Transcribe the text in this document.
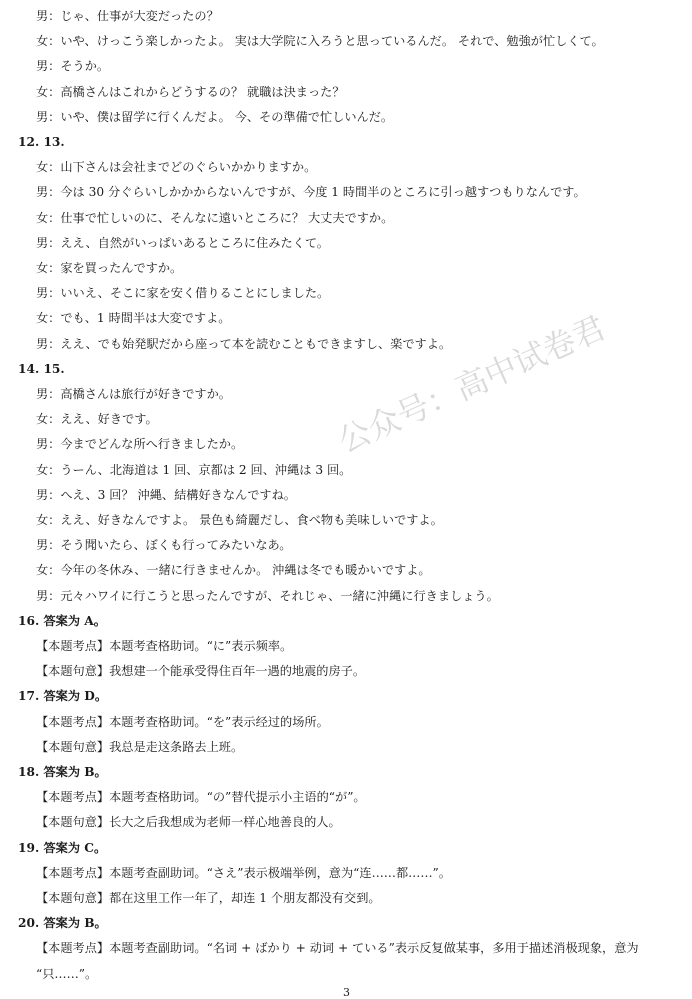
男：じゃ、仕事が大変だったの？
女：いや、けっこう楽しかったよ。 実は大学院に入ろうと思っているんだ。 それで、勉強が忙しくて。
男：そうか。
女：高橋さんはこれからどうするの？ 就職は決まった？
男：いや、僕は留学に行くんだよ。 今、その準備で忙しいんだ。
12. 13.
女：山下さんは会社までどのぐらいかかりますか。
男：今は 30 分ぐらいしかかからないんですが、今度 1 時間半のところに引っ越すつもりなんです。
女：仕事で忙しいのに、そんなに遠いところに？ 大丈夫ですか。
男：ええ、自然がいっぱいあるところに住みたくて。
女：家を買ったんですか。
男：いいえ、そこに家を安く借りることにしました。
女：でも、1 時間半は大変ですよ。
男：ええ、でも始発駅だから座って本を読むこともできますし、楽ですよ。
14. 15.
男：高橋さんは旅行が好きですか。
女：ええ、好きです。
男：今までどんな所へ行きましたか。
女：うーん、北海道は 1 回、京都は 2 回、沖縄は 3 回。
男：へえ、3 回？ 沖縄、結構好きなんですね。
女：ええ、好きなんですよ。 景色も綺麗だし、食べ物も美味しいですよ。
男：そう聞いたら、ぼくも行ってみたいなあ。
女：今年の冬休み、一緒に行きませんか。 沖縄は冬でも暖かいですよ。
男：元々ハワイに行こうと思ったんですが、それじゃ、一緒に沖縄に行きましょう。
16. 答案为 A。
【本题考点】本题考查格助词。“に”表示频率。
【本题句意】我想建一个能承受得住百年一遇的地震的房子。
17. 答案为 D。
【本题考点】本题考查格助词。“を”表示经过的场所。
【本题句意】我总是走这条路去上班。
18. 答案为 B。
【本题考点】本题考查格助词。“の”替代提示小主语的“が”。
【本题句意】长大之后我想成为老师一样心地善良的人。
19. 答案为 C。
【本题考点】本题考查副助词。“さえ”表示极端举例，意为“连……都……”。
【本题句意】都在这里工作一年了，却连 1 个朋友都没有交到。
20. 答案为 B。
【本题考点】本题考查副助词。“名词 + ばかり + 动词 + ている”表示反复做某事，多用于描述消极现象，意为
“只……”。
公众号：高中试卷君
3
